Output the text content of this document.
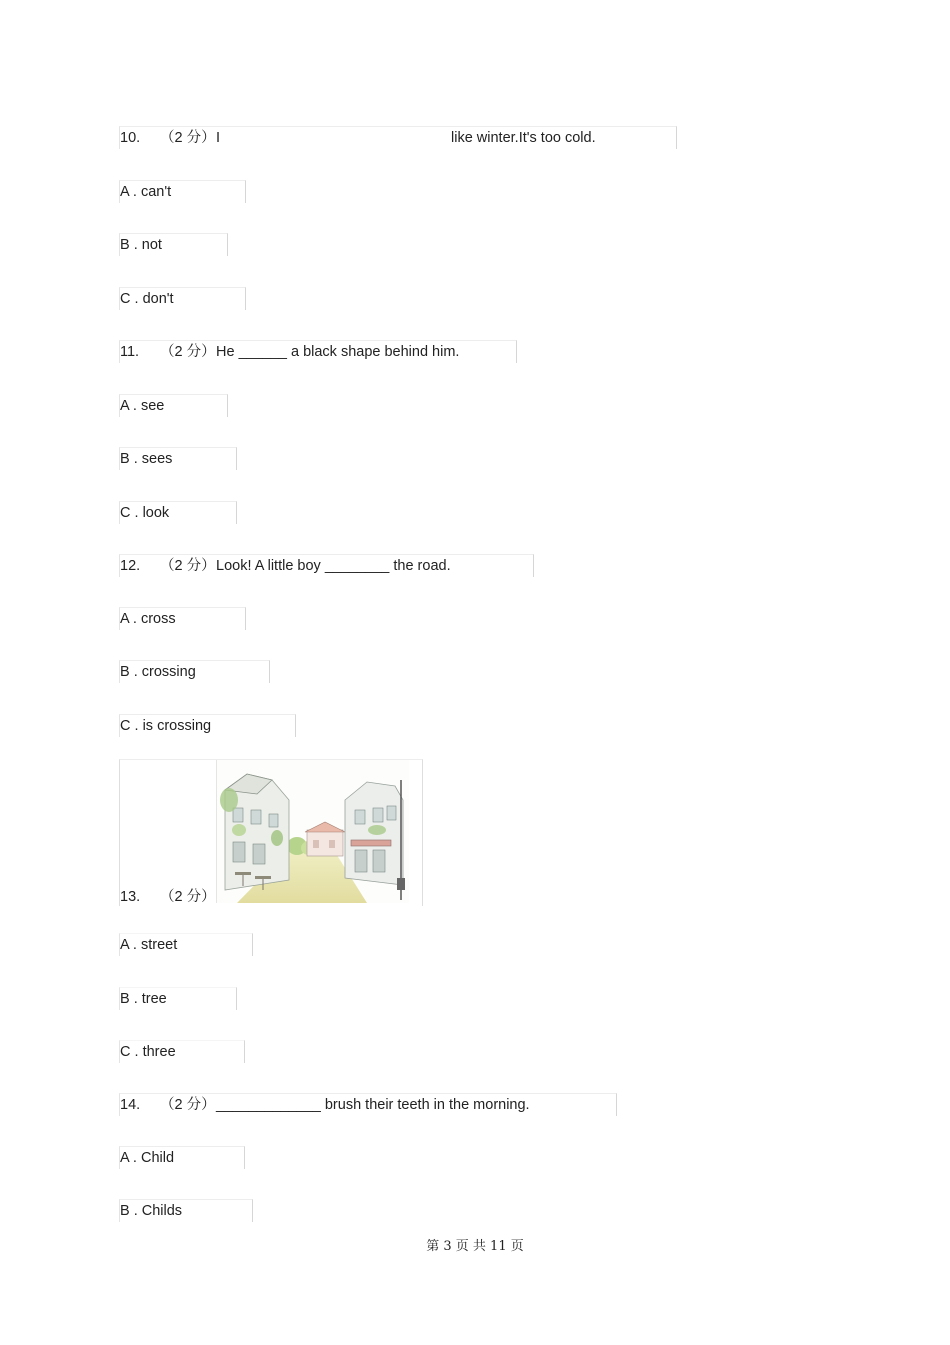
10. （2 分）I	like winter.It's too cold.
A . can't
B . not
C . don't
11. （2 分）He ______ a black shape behind him.
A . see
B . sees
C . look
12. （2 分）Look! A little boy ________ the road.
A . cross
B . crossing
C . is crossing
13. （2 分）
A . street
B . tree
C . three
14. （2 分）_____________ brush their teeth in the morning.
A . Child
B . Childs
第 3 页 共 11 页
